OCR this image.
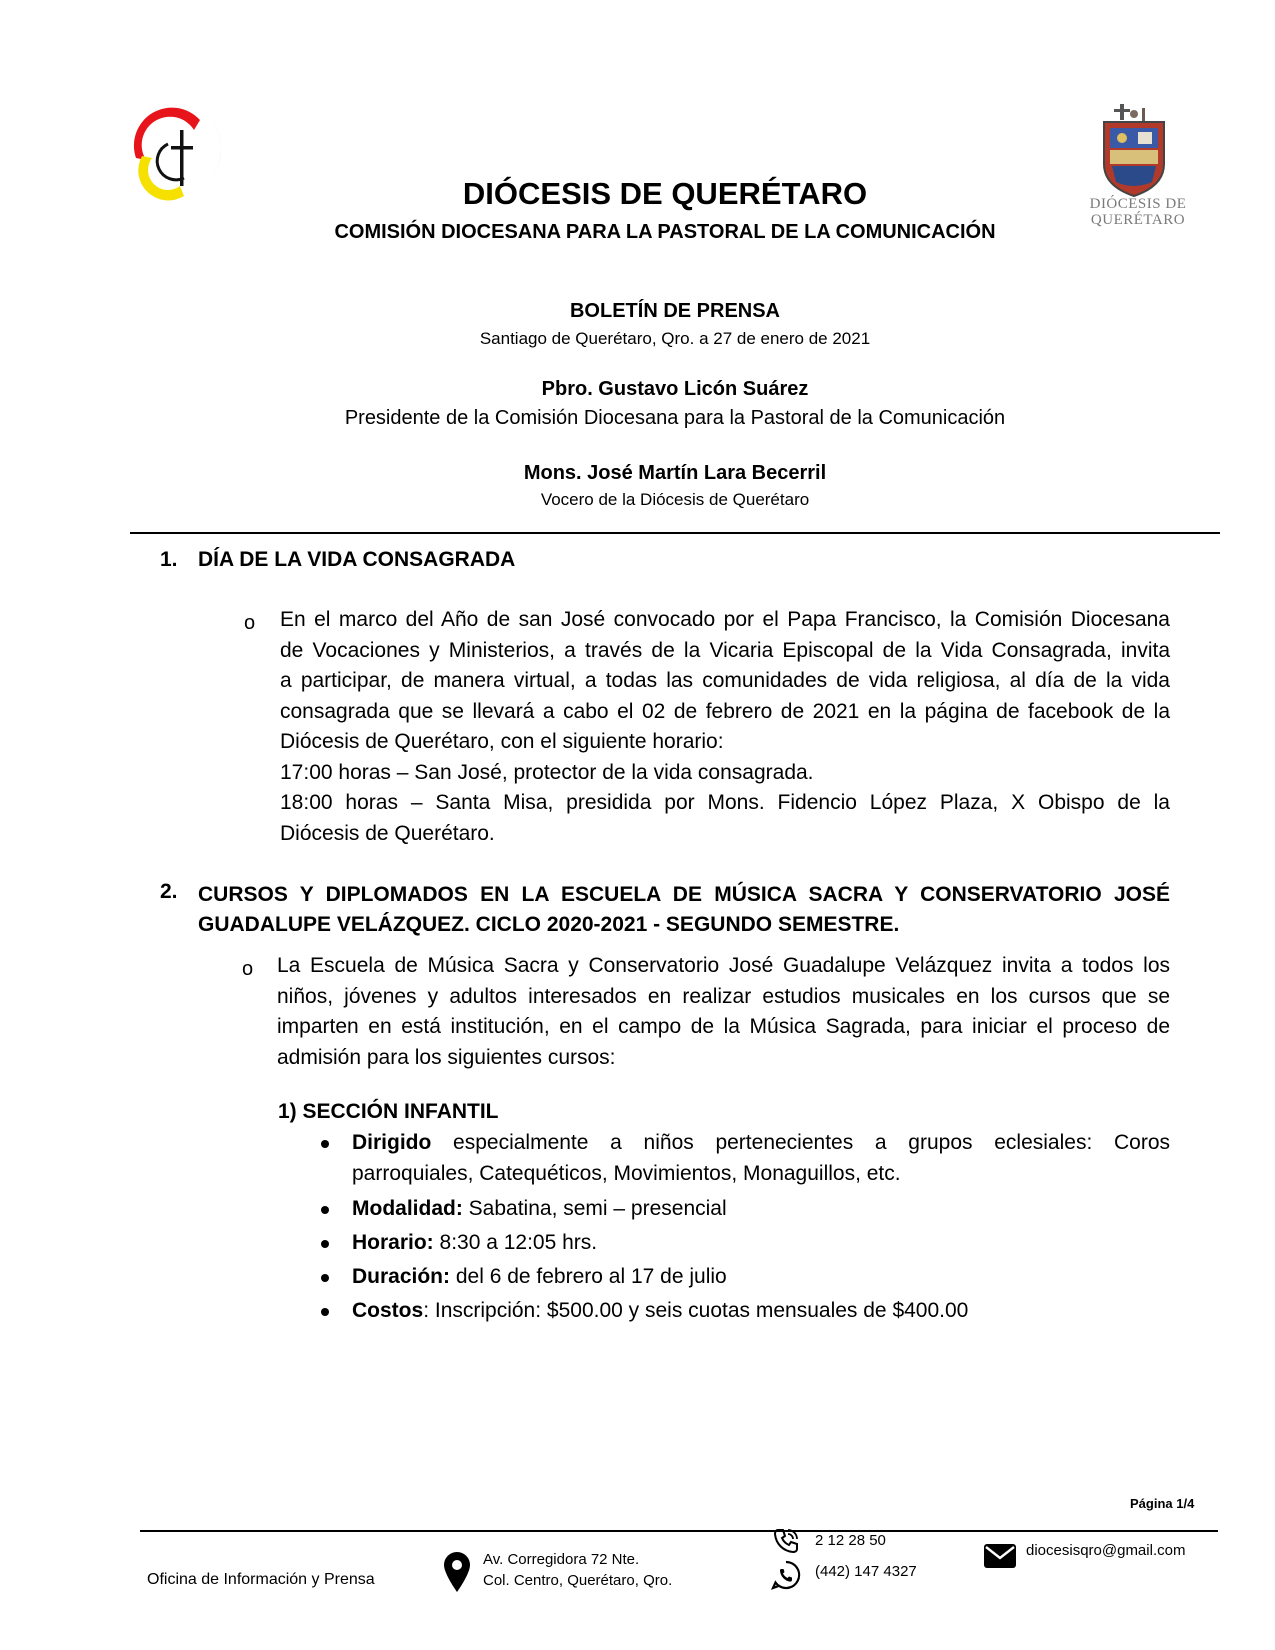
DIÓCESIS DE
QUERÉTARO
DIÓCESIS DE QUERÉTARO
COMISIÓN DIOCESANA PARA LA PASTORAL DE LA COMUNICACIÓN
BOLETÍN DE PRENSA
Santiago de Querétaro, Qro. a 27 de enero de 2021
Pbro. Gustavo Licón Suárez
Presidente de la Comisión Diocesana para la Pastoral de la Comunicación
Mons. José Martín Lara Becerril
Vocero de la Diócesis de Querétaro
1. DÍA DE LA VIDA CONSAGRADA
o En el marco del Año de san José convocado por el Papa Francisco, la Comisión Diocesana
de Vocaciones y Ministerios, a través de la Vicaria Episcopal de la Vida Consagrada, invita
a participar, de manera virtual, a todas las comunidades de vida religiosa, al día de la vida
consagrada que se llevará a cabo el 02 de febrero de 2021 en la página de facebook de la
Diócesis de Querétaro, con el siguiente horario:
17:00 horas – San José, protector de la vida consagrada.
18:00 horas – Santa Misa, presidida por Mons. Fidencio López Plaza, X Obispo de la
Diócesis de Querétaro.
2. CURSOS Y DIPLOMADOS EN LA ESCUELA DE MÚSICA SACRA Y CONSERVATORIO JOSÉ
GUADALUPE VELÁZQUEZ. CICLO 2020-2021 - SEGUNDO SEMESTRE.
o La Escuela de Música Sacra y Conservatorio José Guadalupe Velázquez invita a todos los
niños, jóvenes y adultos interesados en realizar estudios musicales en los cursos que se
imparten en está institución, en el campo de la Música Sagrada, para iniciar el proceso de
admisión para los siguientes cursos:
1) SECCIÓN INFANTIL
Dirigido especialmente a niños pertenecientes a grupos eclesiales: Coros
parroquiales, Catequéticos, Movimientos, Monaguillos, etc.
Modalidad: Sabatina, semi – presencial
Horario: 8:30 a 12:05 hrs.
Duración: del 6 de febrero al 17 de julio
Costos: Inscripción: $500.00 y seis cuotas mensuales de $400.00
Página 1/4
Oficina de Información y Prensa
Av. Corregidora 72 Nte.
Col. Centro, Querétaro, Qro.
2 12 28 50
(442) 147 4327
diocesisqro@gmail.com
